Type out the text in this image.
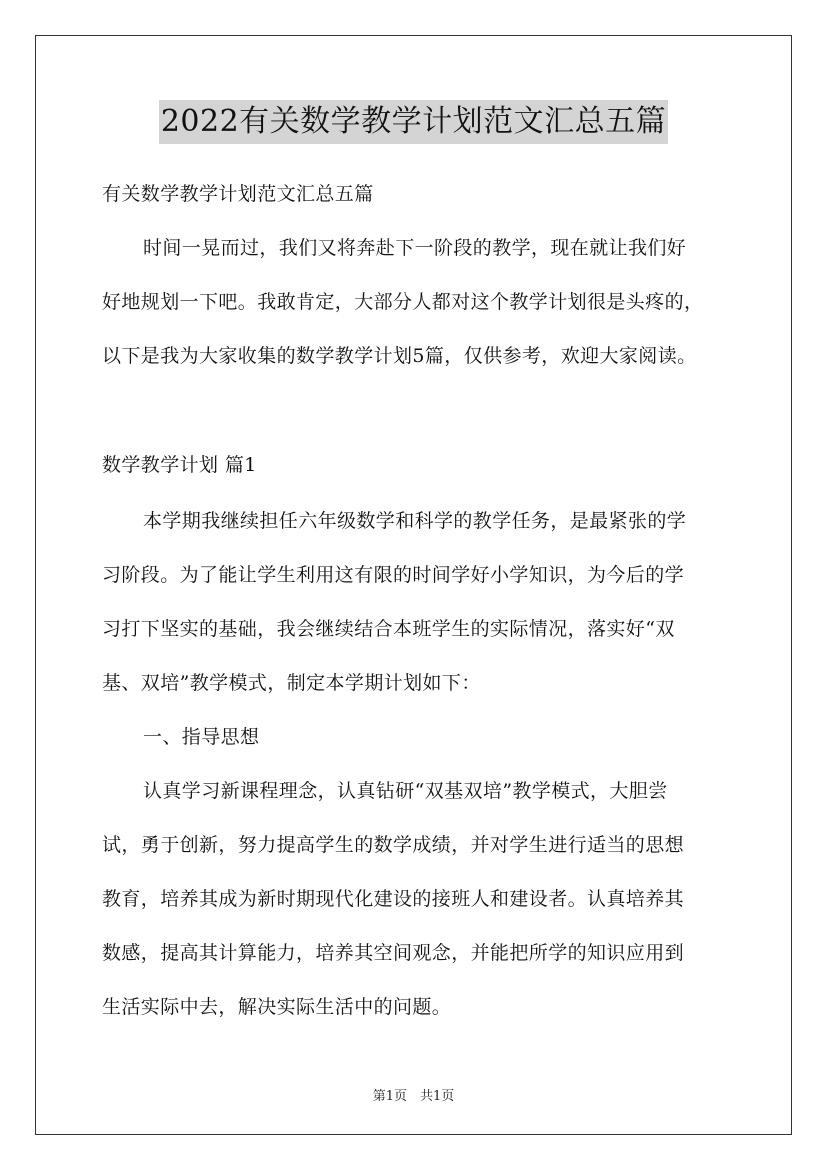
2022有关数学教学计划范文汇总五篇
有关数学教学计划范文汇总五篇
时间一晃而过，我们又将奔赴下一阶段的教学，现在就让我们好
好地规划一下吧。我敢肯定，大部分人都对这个教学计划很是头疼的，
以下是我为大家收集的数学教学计划5篇，仅供参考，欢迎大家阅读。
数学教学计划 篇1
本学期我继续担任六年级数学和科学的教学任务，是最紧张的学
习阶段。为了能让学生利用这有限的时间学好小学知识，为今后的学
习打下坚实的基础，我会继续结合本班学生的实际情况，落实好“双
基、双培”教学模式，制定本学期计划如下：
一、指导思想
认真学习新课程理念，认真钻研“双基双培”教学模式，大胆尝
试，勇于创新，努力提高学生的数学成绩，并对学生进行适当的思想
教育，培养其成为新时期现代化建设的接班人和建设者。认真培养其
数感，提高其计算能力，培养其空间观念，并能把所学的知识应用到
生活实际中去，解决实际生活中的问题。
第1页　共1页
